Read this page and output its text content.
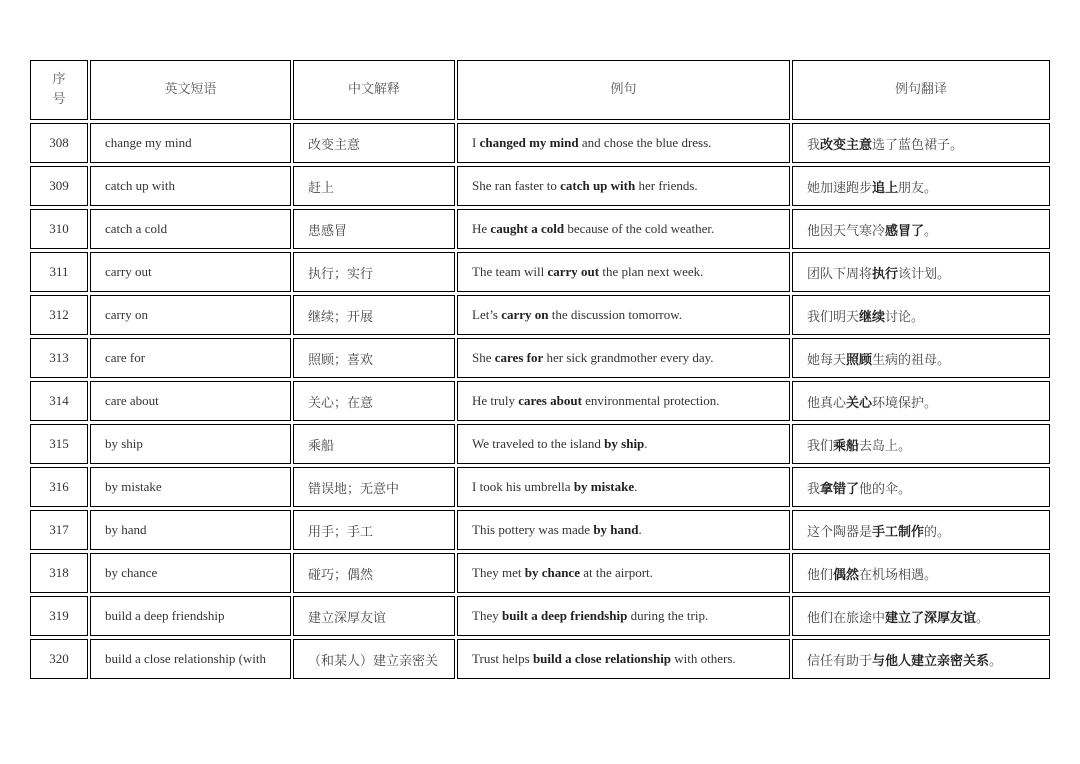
序号	英文短语	中文解释	例句	例句翻译
308	change my mind	改变主意	I changed my mind and chose the blue dress.	我改变主意选了蓝色裙子。
309	catch up with	赶上	She ran faster to catch up with her friends.	她加速跑步追上朋友。
310	catch a cold	患感冒	He caught a cold because of the cold weather.	他因天气寒冷感冒了。
311	carry out	执行；实行	The team will carry out the plan next week.	团队下周将执行该计划。
312	carry on	继续；开展	Let’s carry on the discussion tomorrow.	我们明天继续讨论。
313	care for	照顾；喜欢	She cares for her sick grandmother every day.	她每天照顾生病的祖母。
314	care about	关心；在意	He truly cares about environmental protection.	他真心关心环境保护。
315	by ship	乘船	We traveled to the island by ship.	我们乘船去岛上。
316	by mistake	错误地；无意中	I took his umbrella by mistake.	我拿错了他的伞。
317	by hand	用手；手工	This pottery was made by hand.	这个陶器是手工制作的。
318	by chance	碰巧；偶然	They met by chance at the airport.	他们偶然在机场相遇。
319	build a deep friendship	建立深厚友谊	They built a deep friendship during the trip.	他们在旅途中建立了深厚友谊。
320	build a close relationship (with	（和某人）建立亲密关	Trust helps build a close relationship with others.	信任有助于与他人建立亲密关系。
